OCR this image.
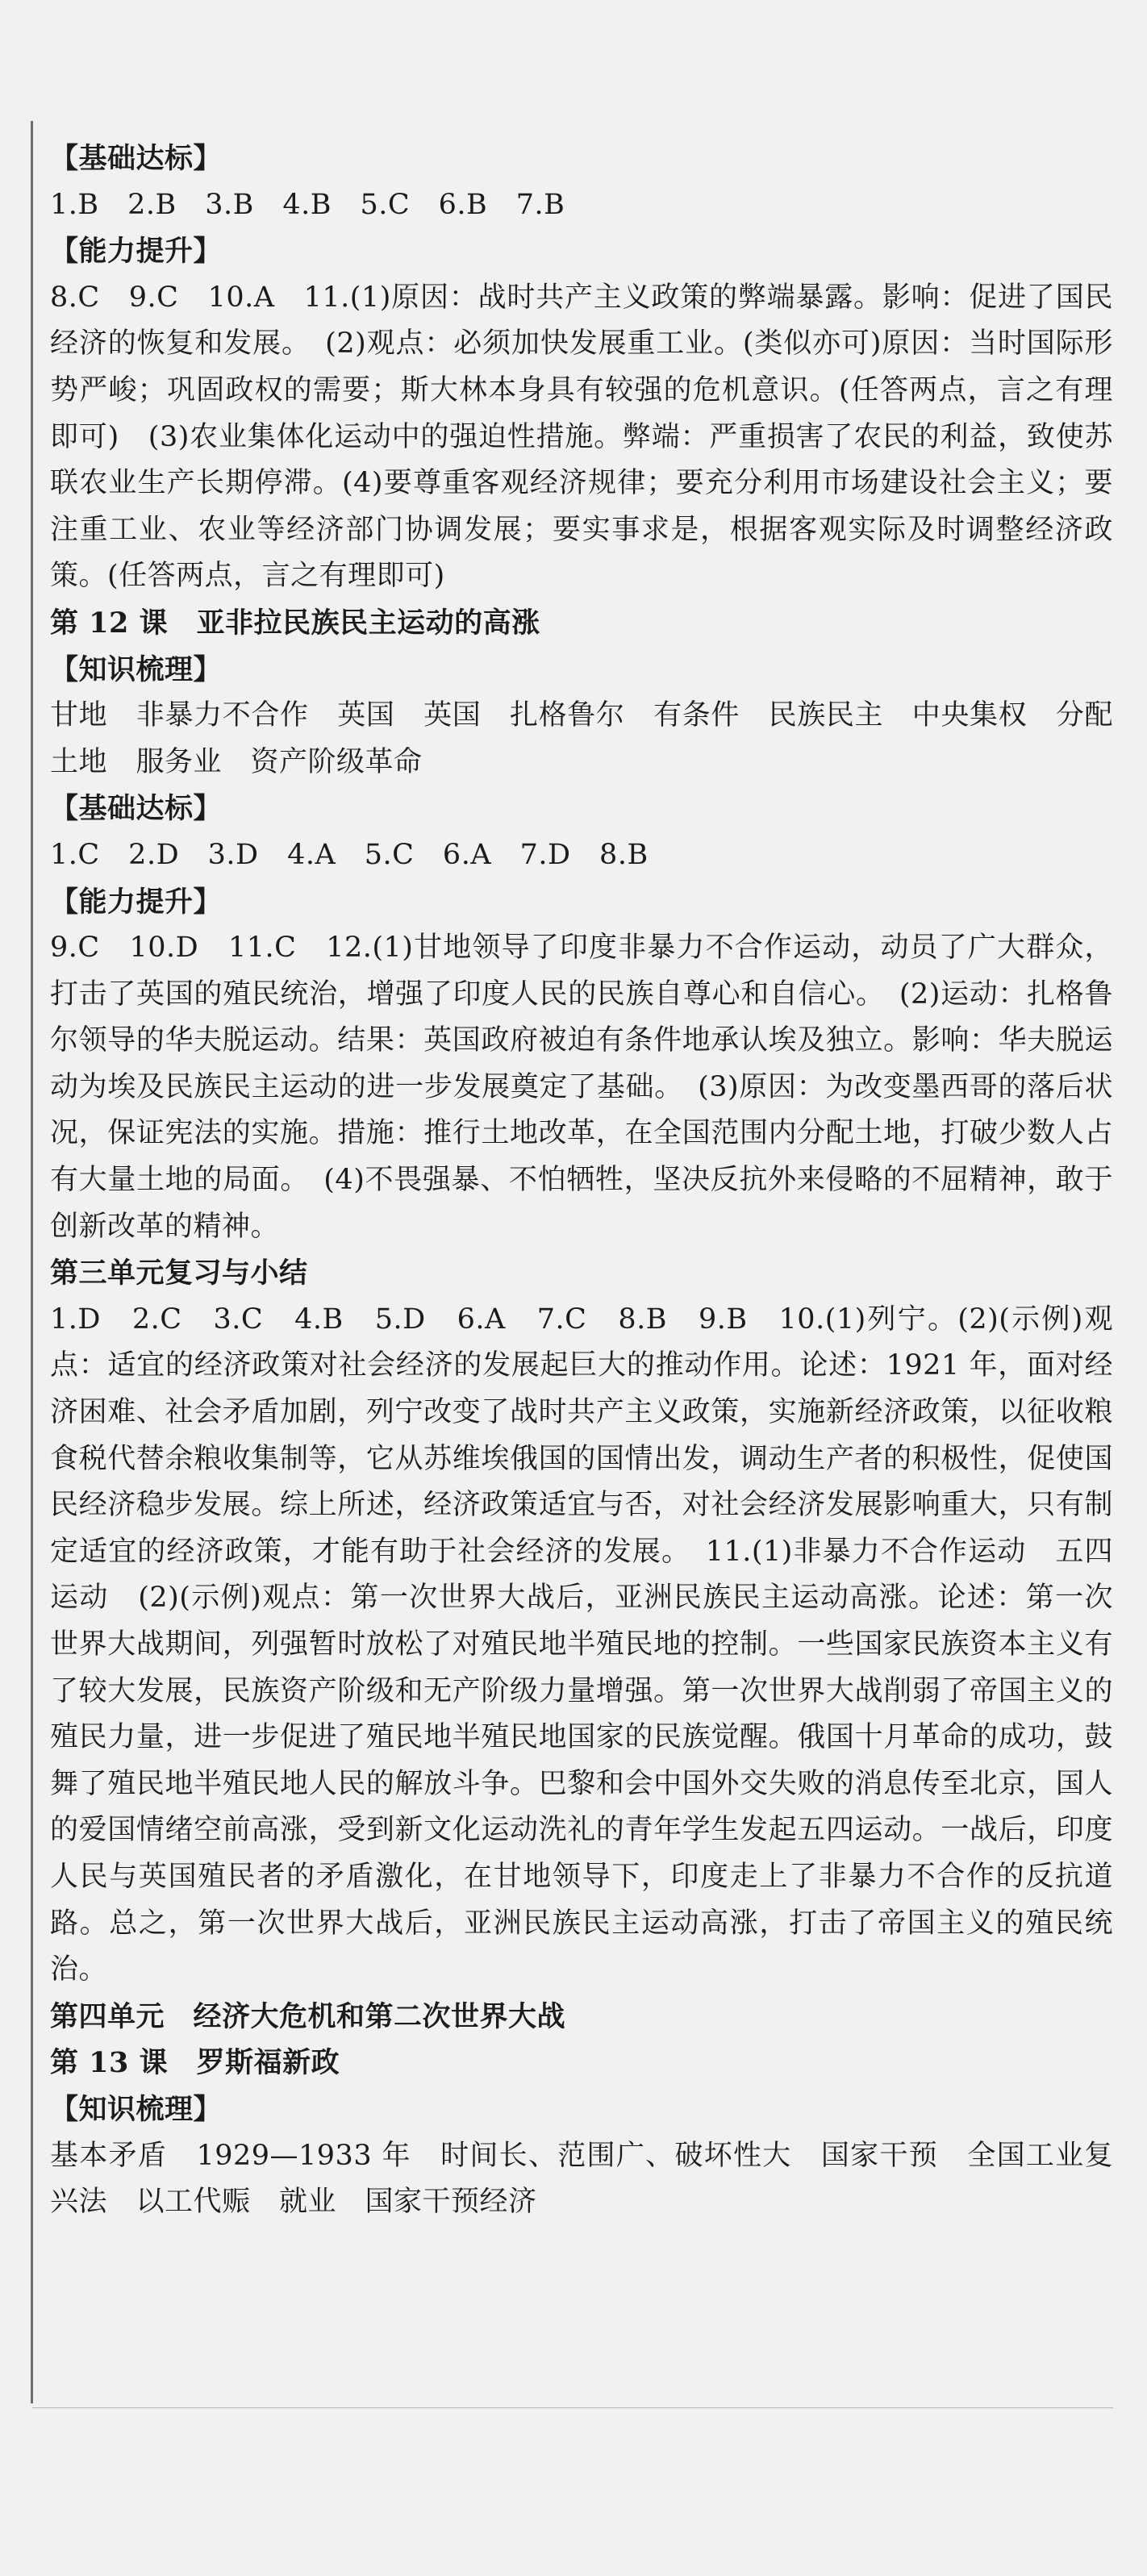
【基础达标】

1.B　2.B　3.B　4.B　5.C　6.B　7.B

【能力提升】

8.C　9.C　10.A　11.(1)原因：战时共产主义政策的弊端暴露。影响：促进了国民经济的恢复和发展。　(2)观点：必须加快发展重工业。(类似亦可)原因：当时国际形势严峻；巩固政权的需要；斯大林本身具有较强的危机意识。(任答两点，言之有理即可)　(3)农业集体化运动中的强迫性措施。弊端：严重损害了农民的利益，致使苏联农业生产长期停滞。(4)要尊重客观经济规律；要充分利用市场建设社会主义；要注重工业、农业等经济部门协调发展；要实事求是，根据客观实际及时调整经济政策。(任答两点，言之有理即可)

第 12 课　亚非拉民族民主运动的高涨

【知识梳理】

甘地　非暴力不合作　英国　英国　扎格鲁尔　有条件　民族民主　中央集权　分配土地　服务业　资产阶级革命

【基础达标】

1.C　2.D　3.D　4.A　5.C　6.A　7.D　8.B

【能力提升】

9.C　10.D　11.C　12.(1)甘地领导了印度非暴力不合作运动，动员了广大群众，打击了英国的殖民统治，增强了印度人民的民族自尊心和自信心。　(2)运动：扎格鲁尔领导的华夫脱运动。结果：英国政府被迫有条件地承认埃及独立。影响：华夫脱运动为埃及民族民主运动的进一步发展奠定了基础。　(3)原因：为改变墨西哥的落后状况，保证宪法的实施。措施：推行土地改革，在全国范围内分配土地，打破少数人占有大量土地的局面。　(4)不畏强暴、不怕牺牲，坚决反抗外来侵略的不屈精神，敢于创新改革的精神。

第三单元复习与小结

1.D　2.C　3.C　4.B　5.D　6.A　7.C　8.B　9.B　10.(1)列宁。(2)(示例)观点：适宜的经济政策对社会经济的发展起巨大的推动作用。论述：1921 年，面对经济困难、社会矛盾加剧，列宁改变了战时共产主义政策，实施新经济政策，以征收粮食税代替余粮收集制等，它从苏维埃俄国的国情出发，调动生产者的积极性，促使国民经济稳步发展。综上所述，经济政策适宜与否，对社会经济发展影响重大，只有制定适宜的经济政策，才能有助于社会经济的发展。　11.(1)非暴力不合作运动　五四运动　(2)(示例)观点：第一次世界大战后，亚洲民族民主运动高涨。论述：第一次世界大战期间，列强暂时放松了对殖民地半殖民地的控制。一些国家民族资本主义有了较大发展，民族资产阶级和无产阶级力量增强。第一次世界大战削弱了帝国主义的殖民力量，进一步促进了殖民地半殖民地国家的民族觉醒。俄国十月革命的成功，鼓舞了殖民地半殖民地人民的解放斗争。巴黎和会中国外交失败的消息传至北京，国人的爱国情绪空前高涨，受到新文化运动洗礼的青年学生发起五四运动。一战后，印度人民与英国殖民者的矛盾激化，在甘地领导下，印度走上了非暴力不合作的反抗道路。总之，第一次世界大战后，亚洲民族民主运动高涨，打击了帝国主义的殖民统治。

第四单元　经济大危机和第二次世界大战

第 13 课　罗斯福新政

【知识梳理】

基本矛盾　1929—1933 年　时间长、范围广、破坏性大　国家干预　全国工业复兴法　以工代赈　就业　国家干预经济
